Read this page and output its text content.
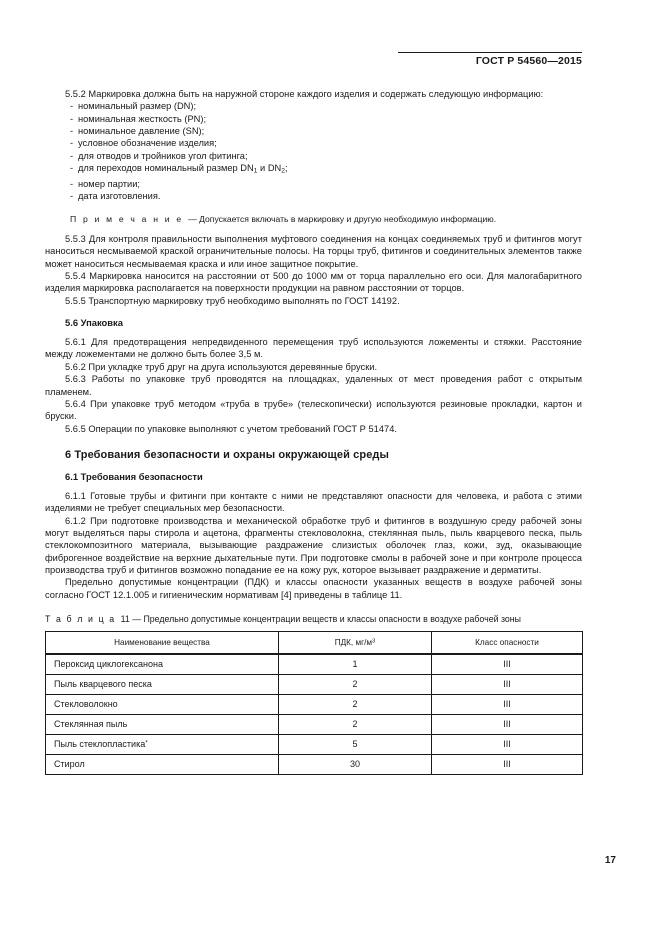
ГОСТ Р 54560—2015

5.5.2 Маркировка должна быть на наружной стороне каждого изделия и содержать следующую информацию:

- номинальный размер (DN);
- номинальная жесткость (PN);
- номинальное давление (SN);
- условное обозначение изделия;
- для отводов и тройников угол фитинга;
- для переходов номинальный размер $DN_1$ и $DN_2$;
- номер партии;
- дата изготовления.

П р и м е ч а н и е  — Допускается включать в маркировку и другую необходимую информацию.

5.5.3 Для контроля правильности выполнения муфтового соединения на концах соединяемых труб и фитингов могут наноситься несмываемой краской ограничительные полосы. На торцы труб, фитингов и соединительных элементов также может наноситься несмываемая краска и или иное защитное покрытие.

5.5.4 Маркировка наносится на расстоянии от 500 до 1000 мм от торца параллельно его оси. Для малогабаритного изделия маркировка располагается на поверхности продукции на равном расстоянии от торцов.

5.5.5 Транспортную маркировку труб необходимо выполнять по ГОСТ 14192.

5.6 Упаковка

5.6.1 Для предотвращения непредвиденного перемещения труб используются ложементы и стяжки. Расстояние между ложементами не должно быть более 3,5 м.

5.6.2 При укладке труб друг на друга используются деревянные бруски.

5.6.3 Работы по упаковке труб проводятся на площадках, удаленных от мест проведения работ с открытым пламенем.

5.6.4 При упаковке труб методом «труба в трубе» (телескопически) используются резиновые прокладки, картон и бруски.

5.6.5 Операции по упаковке выполняют с учетом требований ГОСТ Р 51474.

6 Требования безопасности и охраны окружающей среды
6.1 Требования безопасности

6.1.1 Готовые трубы и фитинги при контакте с ними не представляют опасности для человека, и работа с этими изделиями не требует специальных мер безопасности.

6.1.2 При подготовке производства и механической обработке труб и фитингов в воздушную среду рабочей зоны могут выделяться пары стирола и ацетона, фрагменты стекловолокна, стеклянная пыль, пыль кварцевого песка, пыль стеклокомпозитного материала, вызывающие раздражение слизистых оболочек глаз, кожи, зуд, оказывающие фиброгенное воздействие на верхние дыхательные пути. При подготовке смолы в рабочей зоне и при контроле процесса производства труб и фитингов возможно попадание ее на кожу рук, которое вызывает раздражение и дерматиты.

Предельно допустимые концентрации (ПДК) и классы опасности указанных веществ в воздухе рабочей зоны согласно ГОСТ 12.1.005 и гигиеническим нормативам [4] приведены в таблице 11.

Т а б л и ц а 11 — Предельно допустимые концентрации веществ и классы опасности в воздухе рабочей зоны

Наименование вещества	ПДК, $мг/м^3$	Класс опасности
Пероксид циклогексанона	1	III
Пыль кварцевого песка	2	III
Стекловолокно	2	III
Стеклянная пыль	2	III
Пыль стеклопластика*	5	III
Стирол	30	III
17
